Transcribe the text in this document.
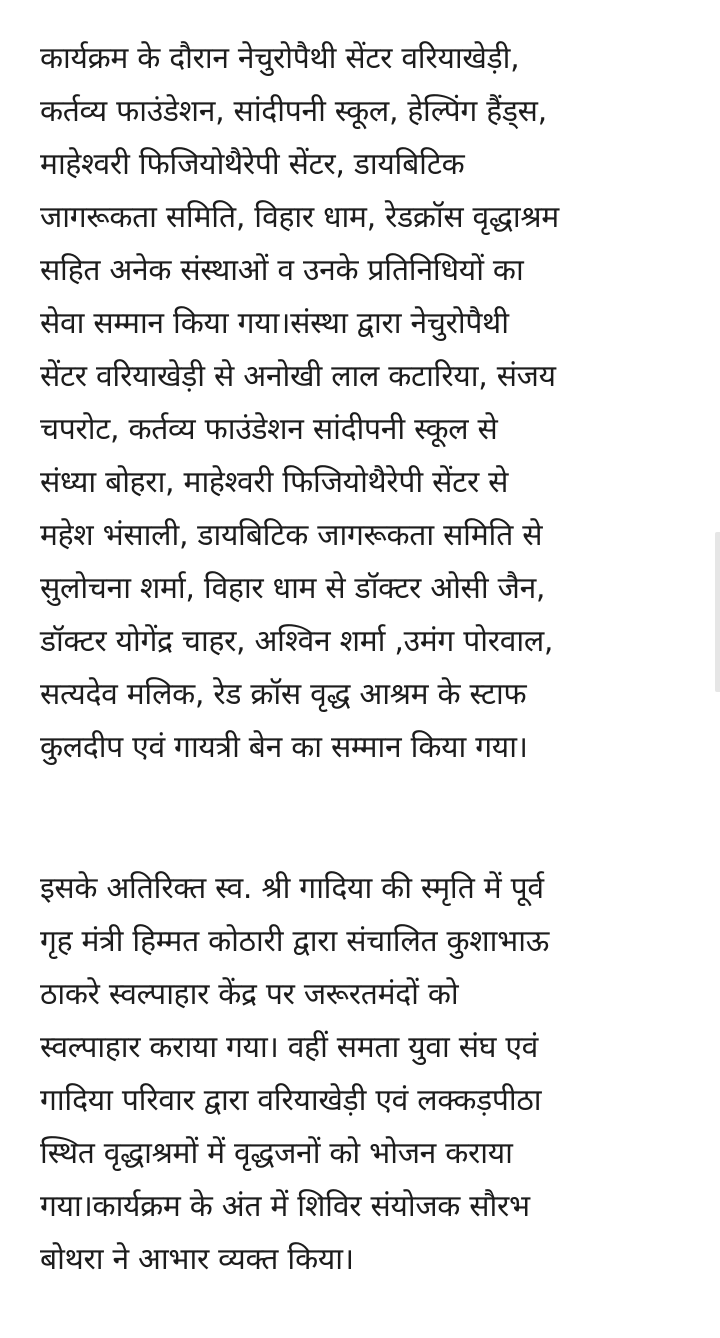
कार्यक्रम के दौरान नेचुरोपैथी सेंटर वरियाखेड़ी,
कर्तव्य फाउंडेशन, सांदीपनी स्कूल, हेल्पिंग हैंड्स,
माहेश्वरी फिजियोथैरेपी सेंटर, डायबिटिक
जागरूकता समिति, विहार धाम, रेडक्रॉस वृद्धाश्रम
सहित अनेक संस्थाओं व उनके प्रतिनिधियों का
सेवा सम्मान किया गया।संस्था द्वारा नेचुरोपैथी
सेंटर वरियाखेड़ी से अनोखी लाल कटारिया, संजय
चपरोट, कर्तव्य फाउंडेशन सांदीपनी स्कूल से
संध्या बोहरा, माहेश्वरी फिजियोथैरेपी सेंटर से
महेश भंसाली, डायबिटिक जागरूकता समिति से
सुलोचना शर्मा, विहार धाम से डॉक्टर ओसी जैन,
डॉक्टर योगेंद्र चाहर, अश्विन शर्मा ,उमंग पोरवाल,
सत्यदेव मलिक, रेड क्रॉस वृद्ध आश्रम के स्टाफ
कुलदीप एवं गायत्री बेन का सम्मान किया गया।

इसके अतिरिक्त स्व. श्री गादिया की स्मृति में पूर्व
गृह मंत्री हिम्मत कोठारी द्वारा संचालित कुशाभाऊ
ठाकरे स्वल्पाहार केंद्र पर जरूरतमंदों को
स्वल्पाहार कराया गया। वहीं समता युवा संघ एवं
गादिया परिवार द्वारा वरियाखेड़ी एवं लक्कड़पीठा
स्थित वृद्धाश्रमों में वृद्धजनों को भोजन कराया
गया।कार्यक्रम के अंत में शिविर संयोजक सौरभ
बोथरा ने आभार व्यक्त किया।
